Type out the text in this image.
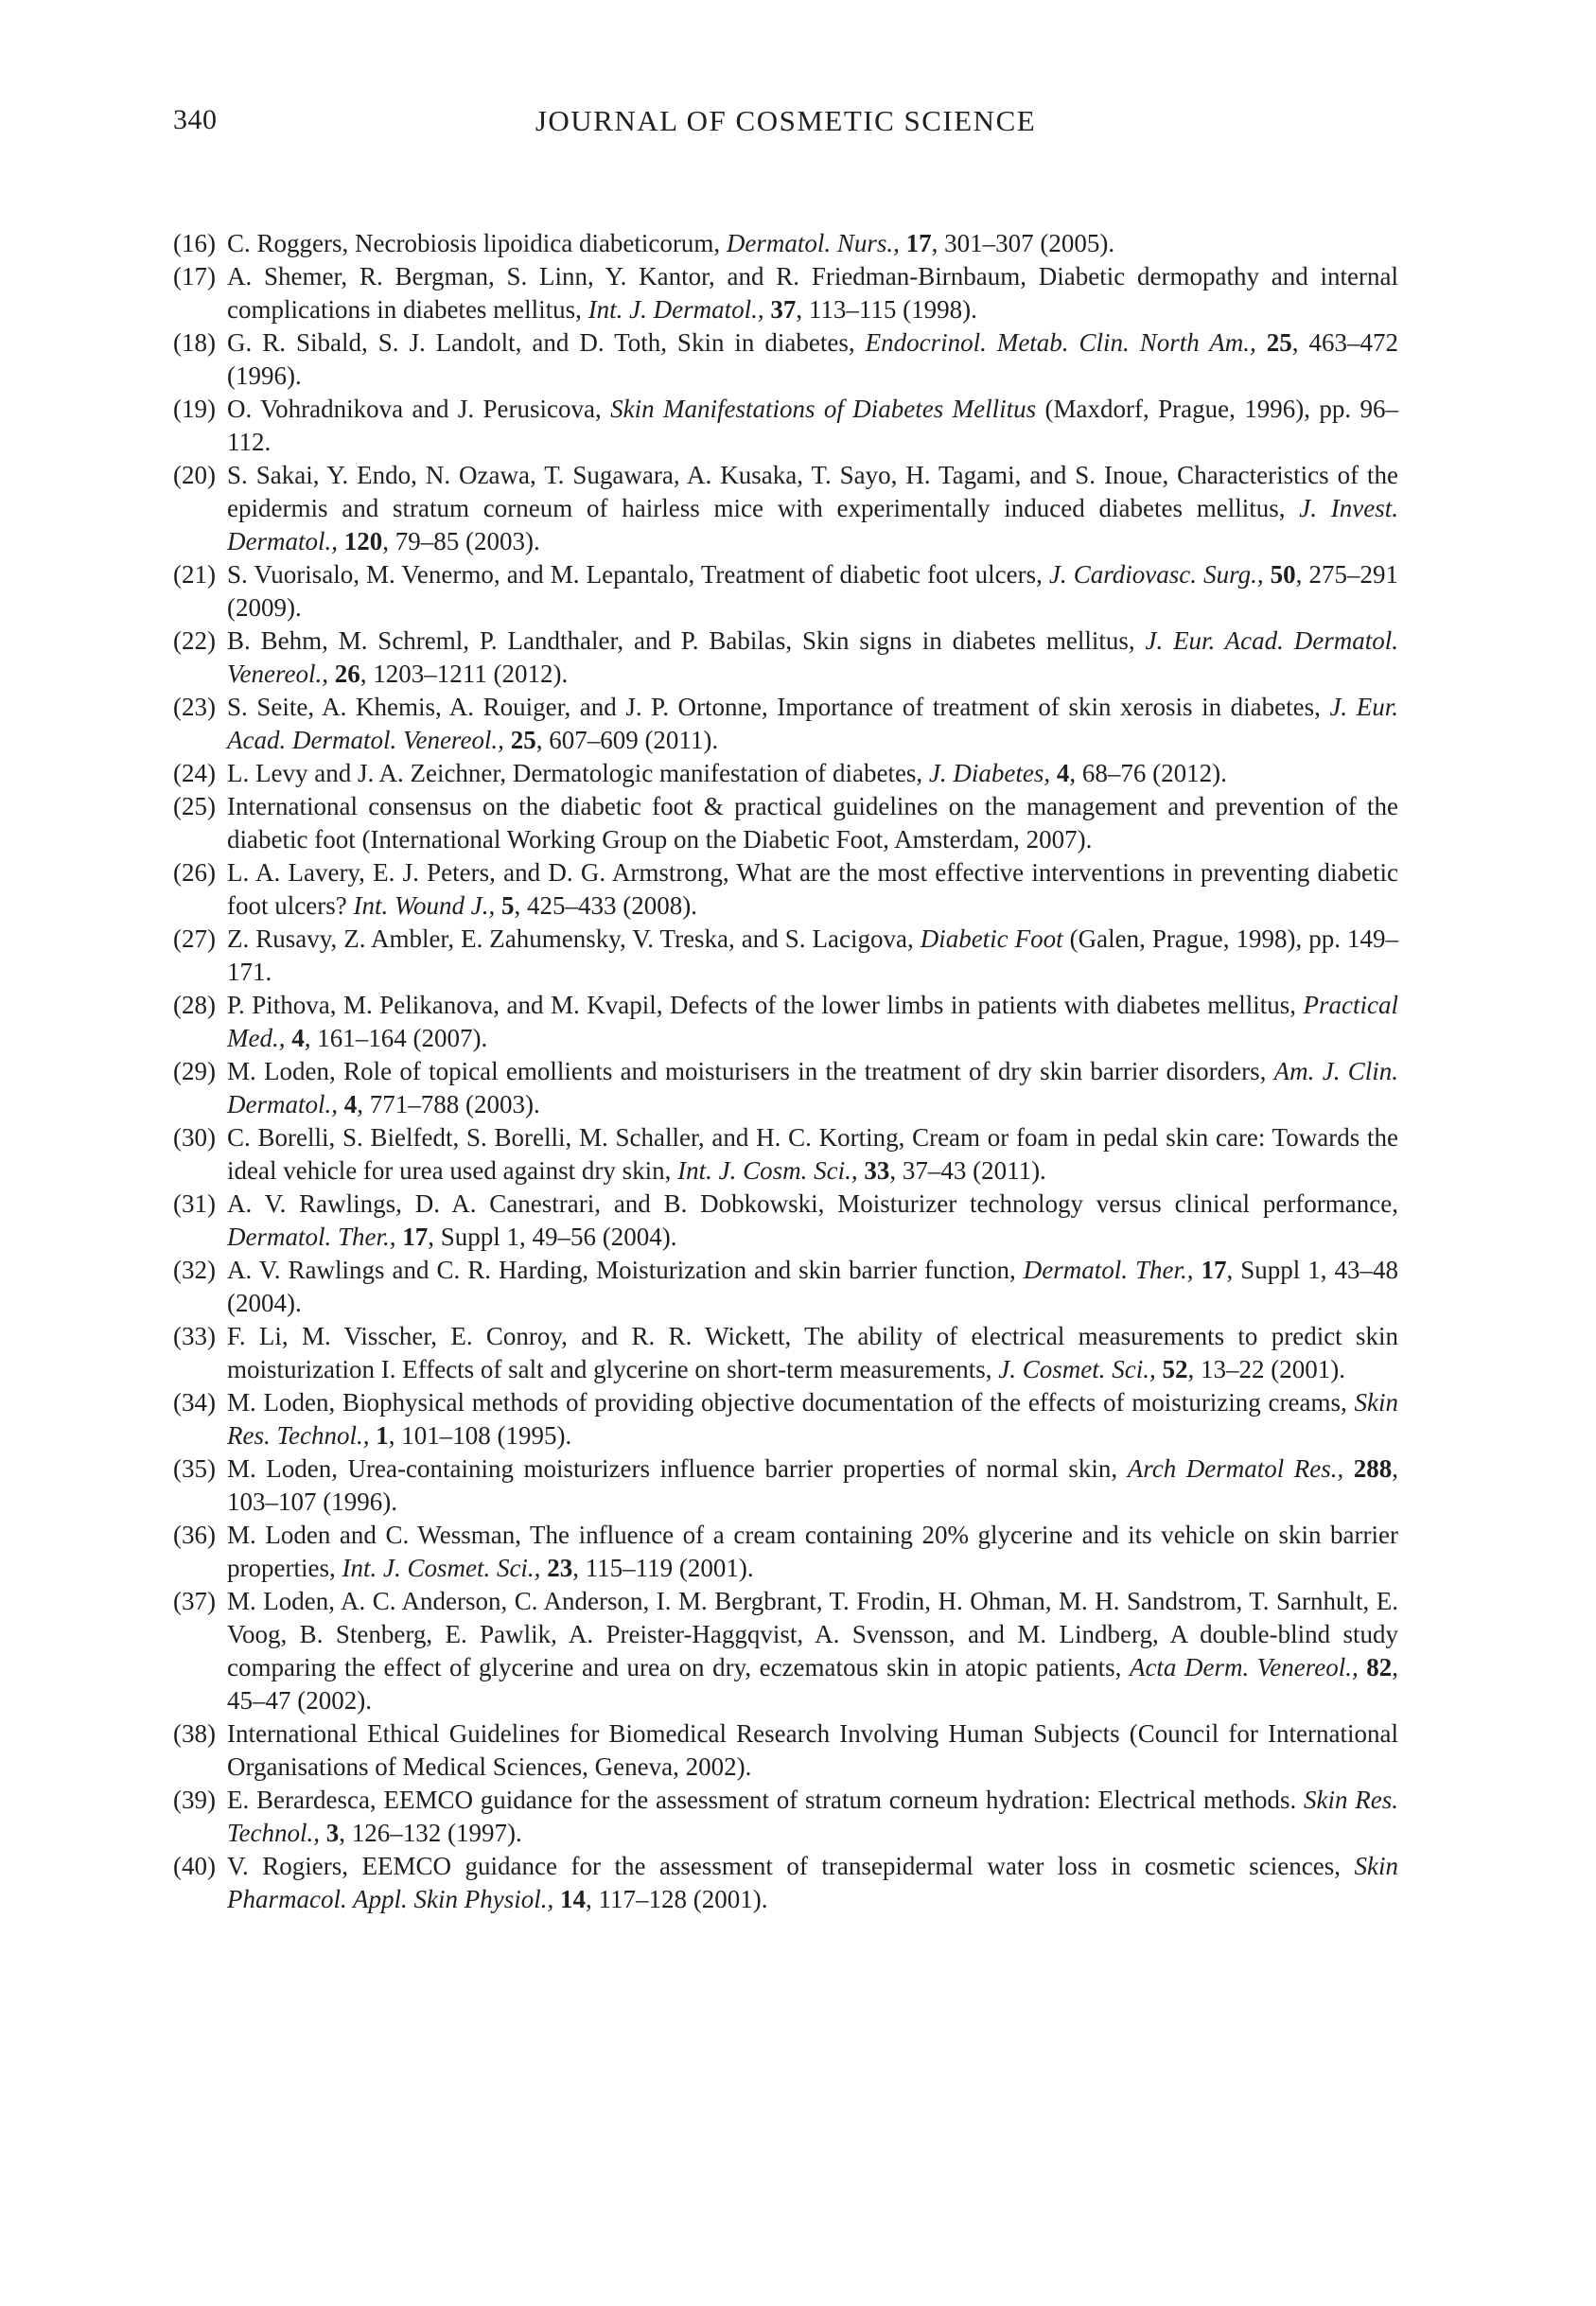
340	JOURNAL OF COSMETIC SCIENCE
(16) C. Roggers, Necrobiosis lipoidica diabeticorum, Dermatol. Nurs., 17, 301–307 (2005).
(17) A. Shemer, R. Bergman, S. Linn, Y. Kantor, and R. Friedman-Birnbaum, Diabetic dermopathy and internal complications in diabetes mellitus, Int. J. Dermatol., 37, 113–115 (1998).
(18) G. R. Sibald, S. J. Landolt, and D. Toth, Skin in diabetes, Endocrinol. Metab. Clin. North Am., 25, 463–472 (1996).
(19) O. Vohradnikova and J. Perusicova, Skin Manifestations of Diabetes Mellitus (Maxdorf, Prague, 1996), pp. 96–112.
(20) S. Sakai, Y. Endo, N. Ozawa, T. Sugawara, A. Kusaka, T. Sayo, H. Tagami, and S. Inoue, Characteristics of the epidermis and stratum corneum of hairless mice with experimentally induced diabetes mellitus, J. Invest. Dermatol., 120, 79–85 (2003).
(21) S. Vuorisalo, M. Venermo, and M. Lepantalo, Treatment of diabetic foot ulcers, J. Cardiovasc. Surg., 50, 275–291 (2009).
(22) B. Behm, M. Schreml, P. Landthaler, and P. Babilas, Skin signs in diabetes mellitus, J. Eur. Acad. Dermatol. Venereol., 26, 1203–1211 (2012).
(23) S. Seite, A. Khemis, A. Rouiger, and J. P. Ortonne, Importance of treatment of skin xerosis in diabetes, J. Eur. Acad. Dermatol. Venereol., 25, 607–609 (2011).
(24) L. Levy and J. A. Zeichner, Dermatologic manifestation of diabetes, J. Diabetes, 4, 68–76 (2012).
(25) International consensus on the diabetic foot & practical guidelines on the management and prevention of the diabetic foot (International Working Group on the Diabetic Foot, Amsterdam, 2007).
(26) L. A. Lavery, E. J. Peters, and D. G. Armstrong, What are the most effective interventions in preventing diabetic foot ulcers? Int. Wound J., 5, 425–433 (2008).
(27) Z. Rusavy, Z. Ambler, E. Zahumensky, V. Treska, and S. Lacigova, Diabetic Foot (Galen, Prague, 1998), pp. 149–171.
(28) P. Pithova, M. Pelikanova, and M. Kvapil, Defects of the lower limbs in patients with diabetes mellitus, Practical Med., 4, 161–164 (2007).
(29) M. Loden, Role of topical emollients and moisturisers in the treatment of dry skin barrier disorders, Am. J. Clin. Dermatol., 4, 771–788 (2003).
(30) C. Borelli, S. Bielfedt, S. Borelli, M. Schaller, and H. C. Korting, Cream or foam in pedal skin care: Towards the ideal vehicle for urea used against dry skin, Int. J. Cosm. Sci., 33, 37–43 (2011).
(31) A. V. Rawlings, D. A. Canestrari, and B. Dobkowski, Moisturizer technology versus clinical performance, Dermatol. Ther., 17, Suppl 1, 49–56 (2004).
(32) A. V. Rawlings and C. R. Harding, Moisturization and skin barrier function, Dermatol. Ther., 17, Suppl 1, 43–48 (2004).
(33) F. Li, M. Visscher, E. Conroy, and R. R. Wickett, The ability of electrical measurements to predict skin moisturization I. Effects of salt and glycerine on short-term measurements, J. Cosmet. Sci., 52, 13–22 (2001).
(34) M. Loden, Biophysical methods of providing objective documentation of the effects of moisturizing creams, Skin Res. Technol., 1, 101–108 (1995).
(35) M. Loden, Urea-containing moisturizers influence barrier properties of normal skin, Arch Dermatol Res., 288, 103–107 (1996).
(36) M. Loden and C. Wessman, The influence of a cream containing 20% glycerine and its vehicle on skin barrier properties, Int. J. Cosmet. Sci., 23, 115–119 (2001).
(37) M. Loden, A. C. Anderson, C. Anderson, I. M. Bergbrant, T. Frodin, H. Ohman, M. H. Sandstrom, T. Sarnhult, E. Voog, B. Stenberg, E. Pawlik, A. Preister-Haggqvist, A. Svensson, and M. Lindberg, A double-blind study comparing the effect of glycerine and urea on dry, eczematous skin in atopic patients, Acta Derm. Venereol., 82, 45–47 (2002).
(38) International Ethical Guidelines for Biomedical Research Involving Human Subjects (Council for International Organisations of Medical Sciences, Geneva, 2002).
(39) E. Berardesca, EEMCO guidance for the assessment of stratum corneum hydration: Electrical methods. Skin Res. Technol., 3, 126–132 (1997).
(40) V. Rogiers, EEMCO guidance for the assessment of transepidermal water loss in cosmetic sciences, Skin Pharmacol. Appl. Skin Physiol., 14, 117–128 (2001).
